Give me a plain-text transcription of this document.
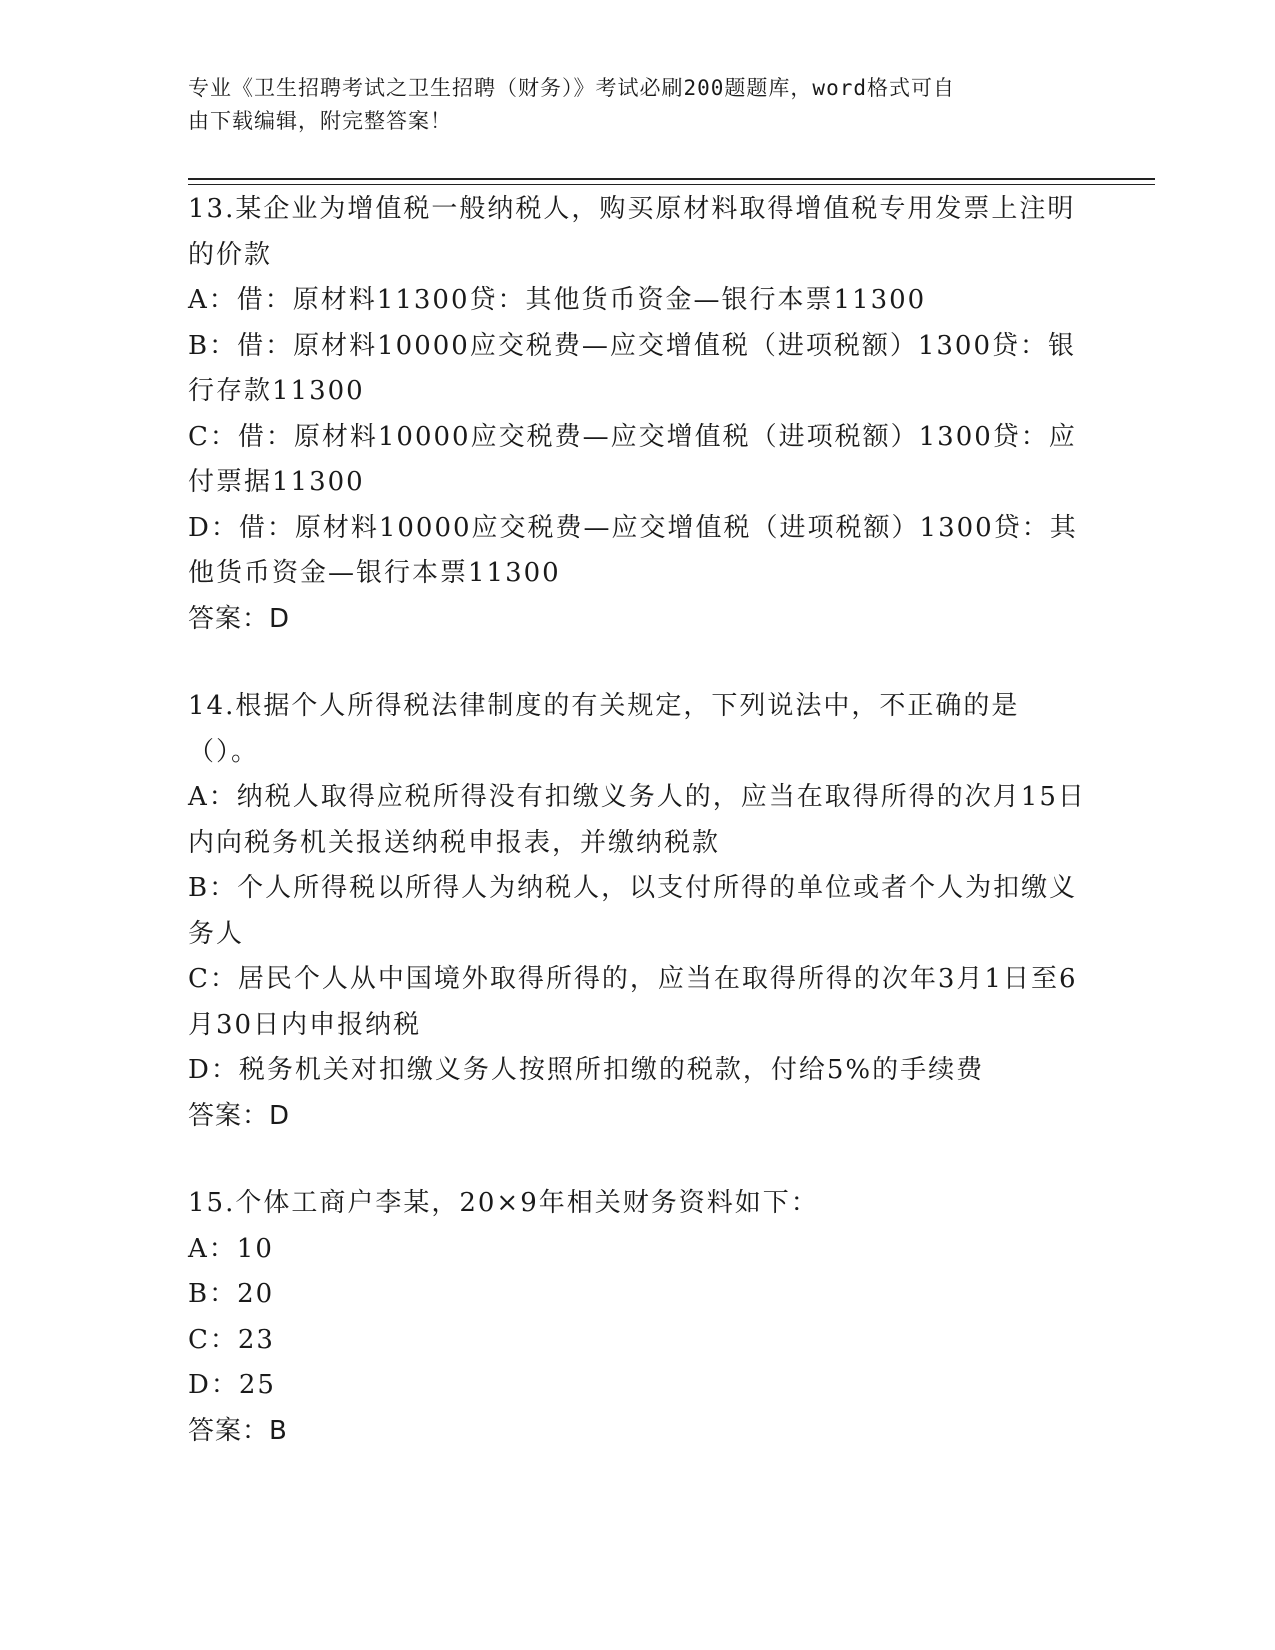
专业《卫生招聘考试之卫生招聘（财务）》考试必刷200题题库，word格式可自
由下载编辑，附完整答案！
13.某企业为增值税一般纳税人，购买原材料取得增值税专用发票上注明的价款
A：借：原材料11300贷：其他货币资金—银行本票11300
B：借：原材料10000应交税费—应交增值税（进项税额）1300贷：银行存款11300
C：借：原材料10000应交税费—应交增值税（进项税额）1300贷：应付票据11300
D：借：原材料10000应交税费—应交增值税（进项税额）1300贷：其他货币资金—银行本票11300
答案：D
14.根据个人所得税法律制度的有关规定，下列说法中，不正确的是（）。
A：纳税人取得应税所得没有扣缴义务人的，应当在取得所得的次月15日内向税务机关报送纳税申报表，并缴纳税款
B：个人所得税以所得人为纳税人，以支付所得的单位或者个人为扣缴义务人
C：居民个人从中国境外取得所得的，应当在取得所得的次年3月1日至6月30日内申报纳税
D：税务机关对扣缴义务人按照所扣缴的税款，付给5%的手续费
答案：D
15.个体工商户李某，20×9年相关财务资料如下：
A：10
B：20
C：23
D：25
答案：B
